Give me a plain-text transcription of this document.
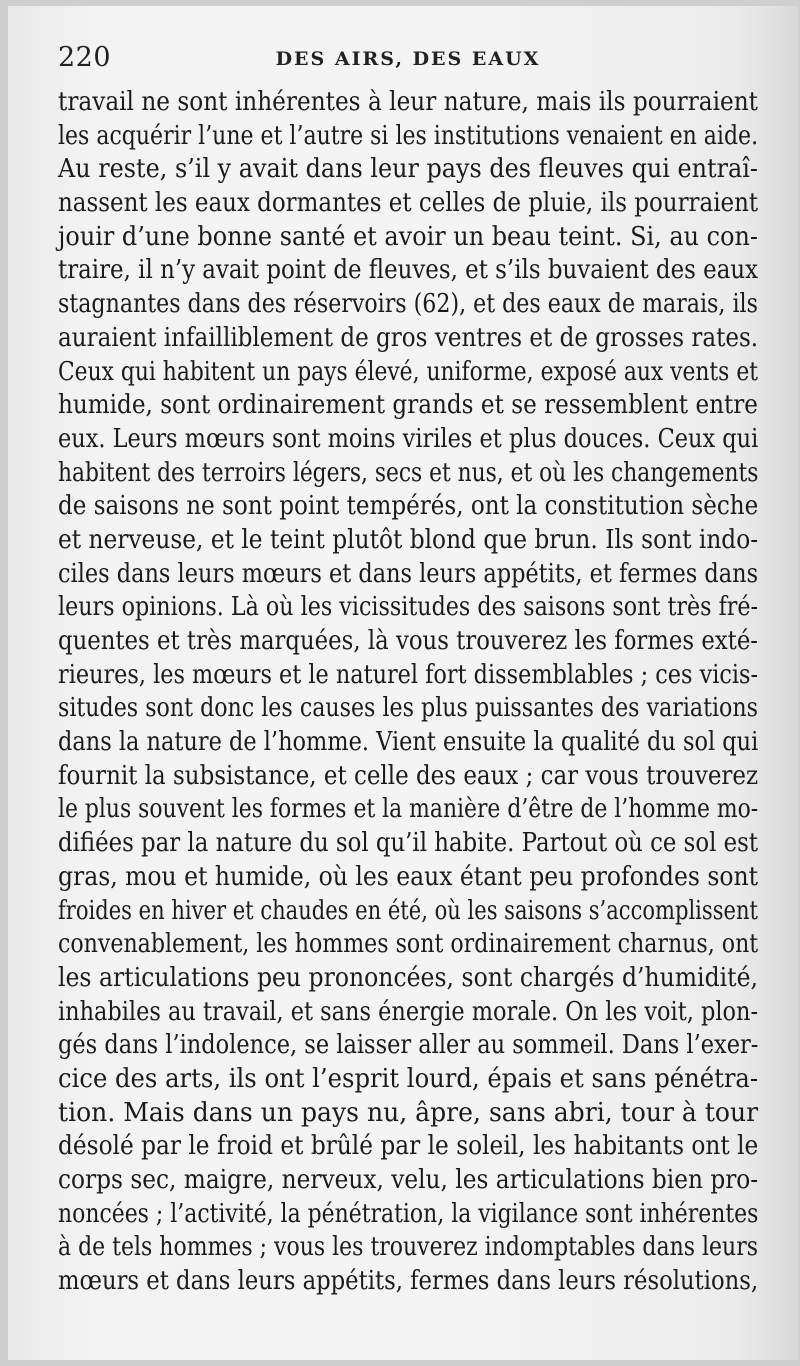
220	DES AIRS, DES EAUX
travail ne sont inhérentes à leur nature, mais ils pourraient
les acquérir l’une et l’autre si les institutions venaient en aide.
Au reste, s’il y avait dans leur pays des fleuves qui entraî-
nassent les eaux dormantes et celles de pluie, ils pourraient
jouir d’une bonne santé et avoir un beau teint. Si, au con-
traire, il n’y avait point de fleuves, et s’ils buvaient des eaux
stagnantes dans des réservoirs (62), et des eaux de marais, ils
auraient infailliblement de gros ventres et de grosses rates.
Ceux qui habitent un pays élevé, uniforme, exposé aux vents et
humide, sont ordinairement grands et se ressemblent entre
eux. Leurs mœurs sont moins viriles et plus douces. Ceux qui
habitent des terroirs légers, secs et nus, et où les changements
de saisons ne sont point tempérés, ont la constitution sèche
et nerveuse, et le teint plutôt blond que brun. Ils sont indo-
ciles dans leurs mœurs et dans leurs appétits, et fermes dans
leurs opinions. Là où les vicissitudes des saisons sont très fré-
quentes et très marquées, là vous trouverez les formes exté-
rieures, les mœurs et le naturel fort dissemblables ; ces vicis-
situdes sont donc les causes les plus puissantes des variations
dans la nature de l’homme. Vient ensuite la qualité du sol qui
fournit la subsistance, et celle des eaux ; car vous trouverez
le plus souvent les formes et la manière d’être de l’homme mo-
difiées par la nature du sol qu’il habite. Partout où ce sol est
gras, mou et humide, où les eaux étant peu profondes sont
froides en hiver et chaudes en été, où les saisons s’accomplissent
convenablement, les hommes sont ordinairement charnus, ont
les articulations peu prononcées, sont chargés d’humidité,
inhabiles au travail, et sans énergie morale. On les voit, plon-
gés dans l’indolence, se laisser aller au sommeil. Dans l’exer-
cice des arts, ils ont l’esprit lourd, épais et sans pénétra-
tion. Mais dans un pays nu, âpre, sans abri, tour à tour
désolé par le froid et brûlé par le soleil, les habitants ont le
corps sec, maigre, nerveux, velu, les articulations bien pro-
noncées ; l’activité, la pénétration, la vigilance sont inhérentes
à de tels hommes ; vous les trouverez indomptables dans leurs
mœurs et dans leurs appétits, fermes dans leurs résolutions,
